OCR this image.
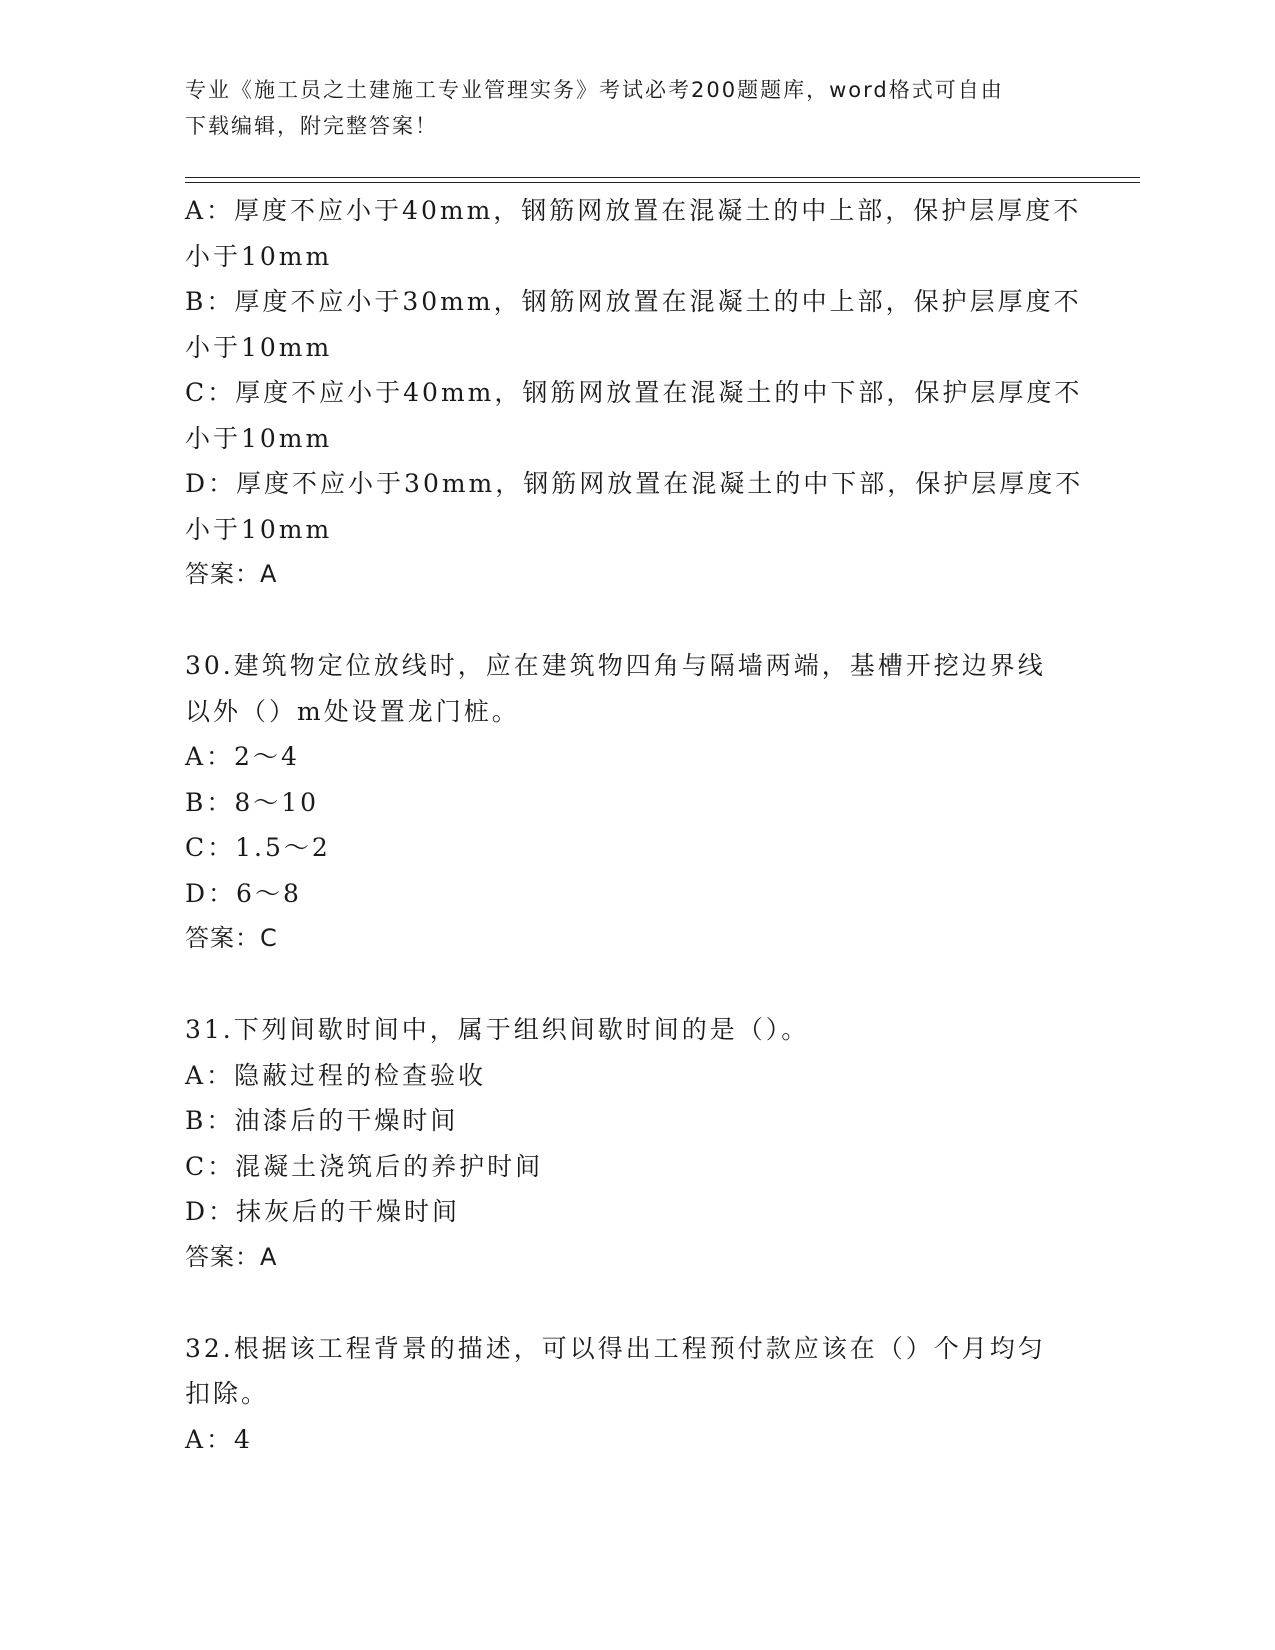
专业《施工员之土建施工专业管理实务》考试必考200题题库，word格式可自由
下载编辑，附完整答案！
A：厚度不应小于40mm，钢筋网放置在混凝土的中上部，保护层厚度不
小于10mm
B：厚度不应小于30mm，钢筋网放置在混凝土的中上部，保护层厚度不
小于10mm
C：厚度不应小于40mm，钢筋网放置在混凝土的中下部，保护层厚度不
小于10mm
D：厚度不应小于30mm，钢筋网放置在混凝土的中下部，保护层厚度不
小于10mm
答案：A
30.建筑物定位放线时，应在建筑物四角与隔墙两端，基槽开挖边界线
以外（）m处设置龙门桩。
A：2～4
B：8～10
C：1.5～2
D：6～8
答案：C
31.下列间歇时间中，属于组织间歇时间的是（）。
A：隐蔽过程的检查验收
B：油漆后的干燥时间
C：混凝土浇筑后的养护时间
D：抹灰后的干燥时间
答案：A
32.根据该工程背景的描述，可以得出工程预付款应该在（）个月均匀
扣除。
A：4
